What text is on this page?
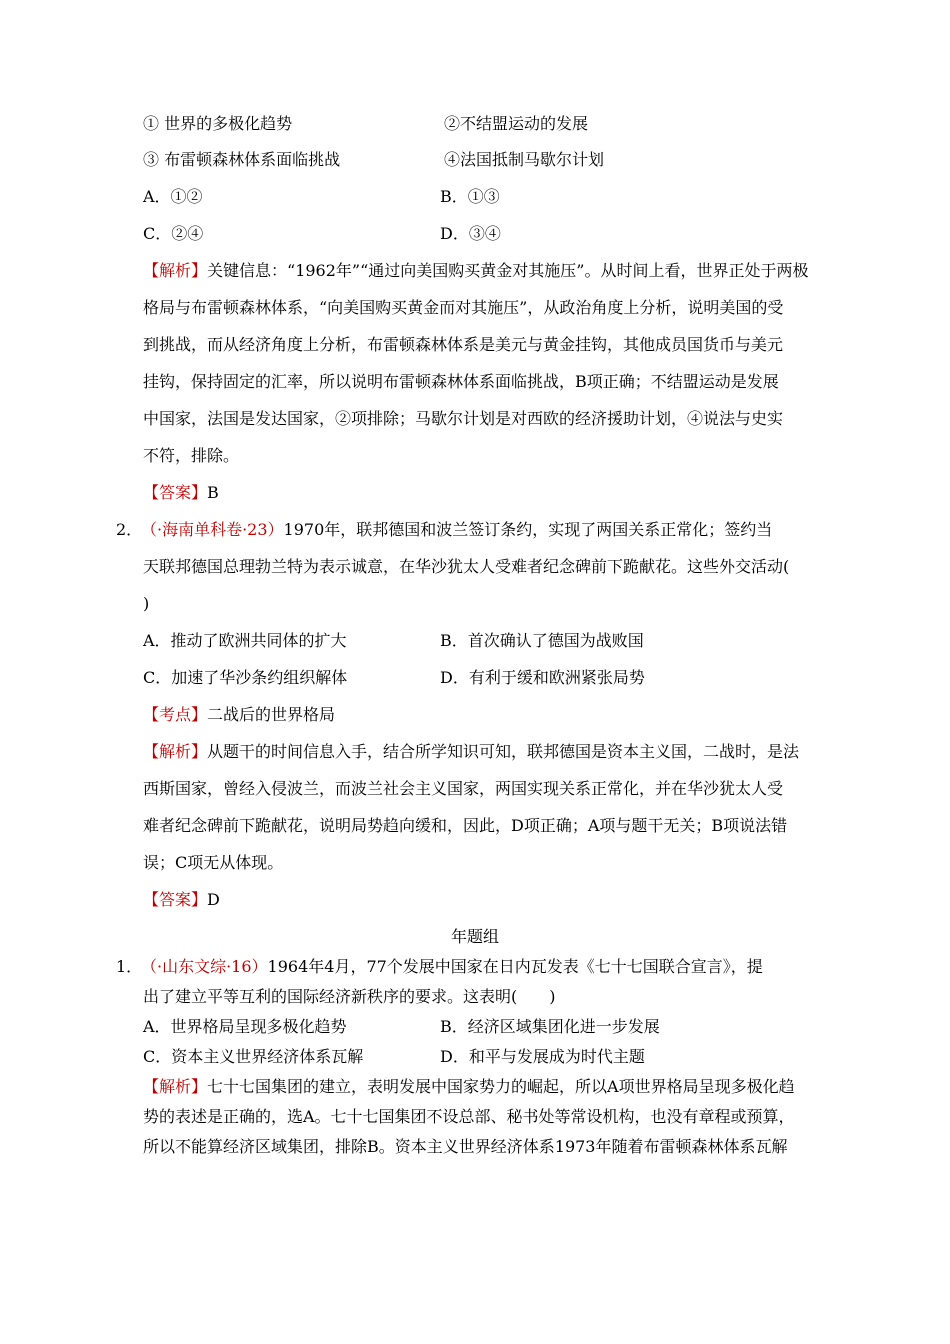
① 世界的多极化趋势	②不结盟运动的发展
③ 布雷顿森林体系面临挑战	④法国抵制马歇尔计划
A．①②	B．①③
C．②④	D．③④
【解析】关键信息：“1962年”“通过向美国购买黄金对其施压”。从时间上看，世界正处于两极
格局与布雷顿森林体系，“向美国购买黄金而对其施压”，从政治角度上分析，说明美国的受
到挑战，而从经济角度上分析，布雷顿森林体系是美元与黄金挂钩，其他成员国货币与美元
挂钩，保持固定的汇率，所以说明布雷顿森林体系面临挑战，B项正确；不结盟运动是发展
中国家，法国是发达国家，②项排除；马歇尔计划是对西欧的经济援助计划，④说法与史实
不符，排除。
【答案】B
2．（·海南单科卷·23）1970年，联邦德国和波兰签订条约，实现了两国关系正常化；签约当
天联邦德国总理勃兰特为表示诚意，在华沙犹太人受难者纪念碑前下跪献花。这些外交活动(
)
A．推动了欧洲共同体的扩大	B．首次确认了德国为战败国
C．加速了华沙条约组织解体	D．有利于缓和欧洲紧张局势
【考点】二战后的世界格局
【解析】从题干的时间信息入手，结合所学知识可知，联邦德国是资本主义国，二战时，是法
西斯国家，曾经入侵波兰，而波兰社会主义国家，两国实现关系正常化，并在华沙犹太人受
难者纪念碑前下跪献花，说明局势趋向缓和，因此，D项正确；A项与题干无关；B项说法错
误；C项无从体现。
【答案】D
年题组
1．（·山东文综·16）1964年4月，77个发展中国家在日内瓦发表《七十七国联合宣言》，提
出了建立平等互利的国际经济新秩序的要求。这表明(　　)
A．世界格局呈现多极化趋势	B．经济区域集团化进一步发展
C．资本主义世界经济体系瓦解	D．和平与发展成为时代主题
【解析】七十七国集团的建立，表明发展中国家势力的崛起，所以A项世界格局呈现多极化趋
势的表述是正确的，选A。七十七国集团不设总部、秘书处等常设机构，也没有章程或预算，
所以不能算经济区域集团，排除B。资本主义世界经济体系1973年随着布雷顿森林体系瓦解
